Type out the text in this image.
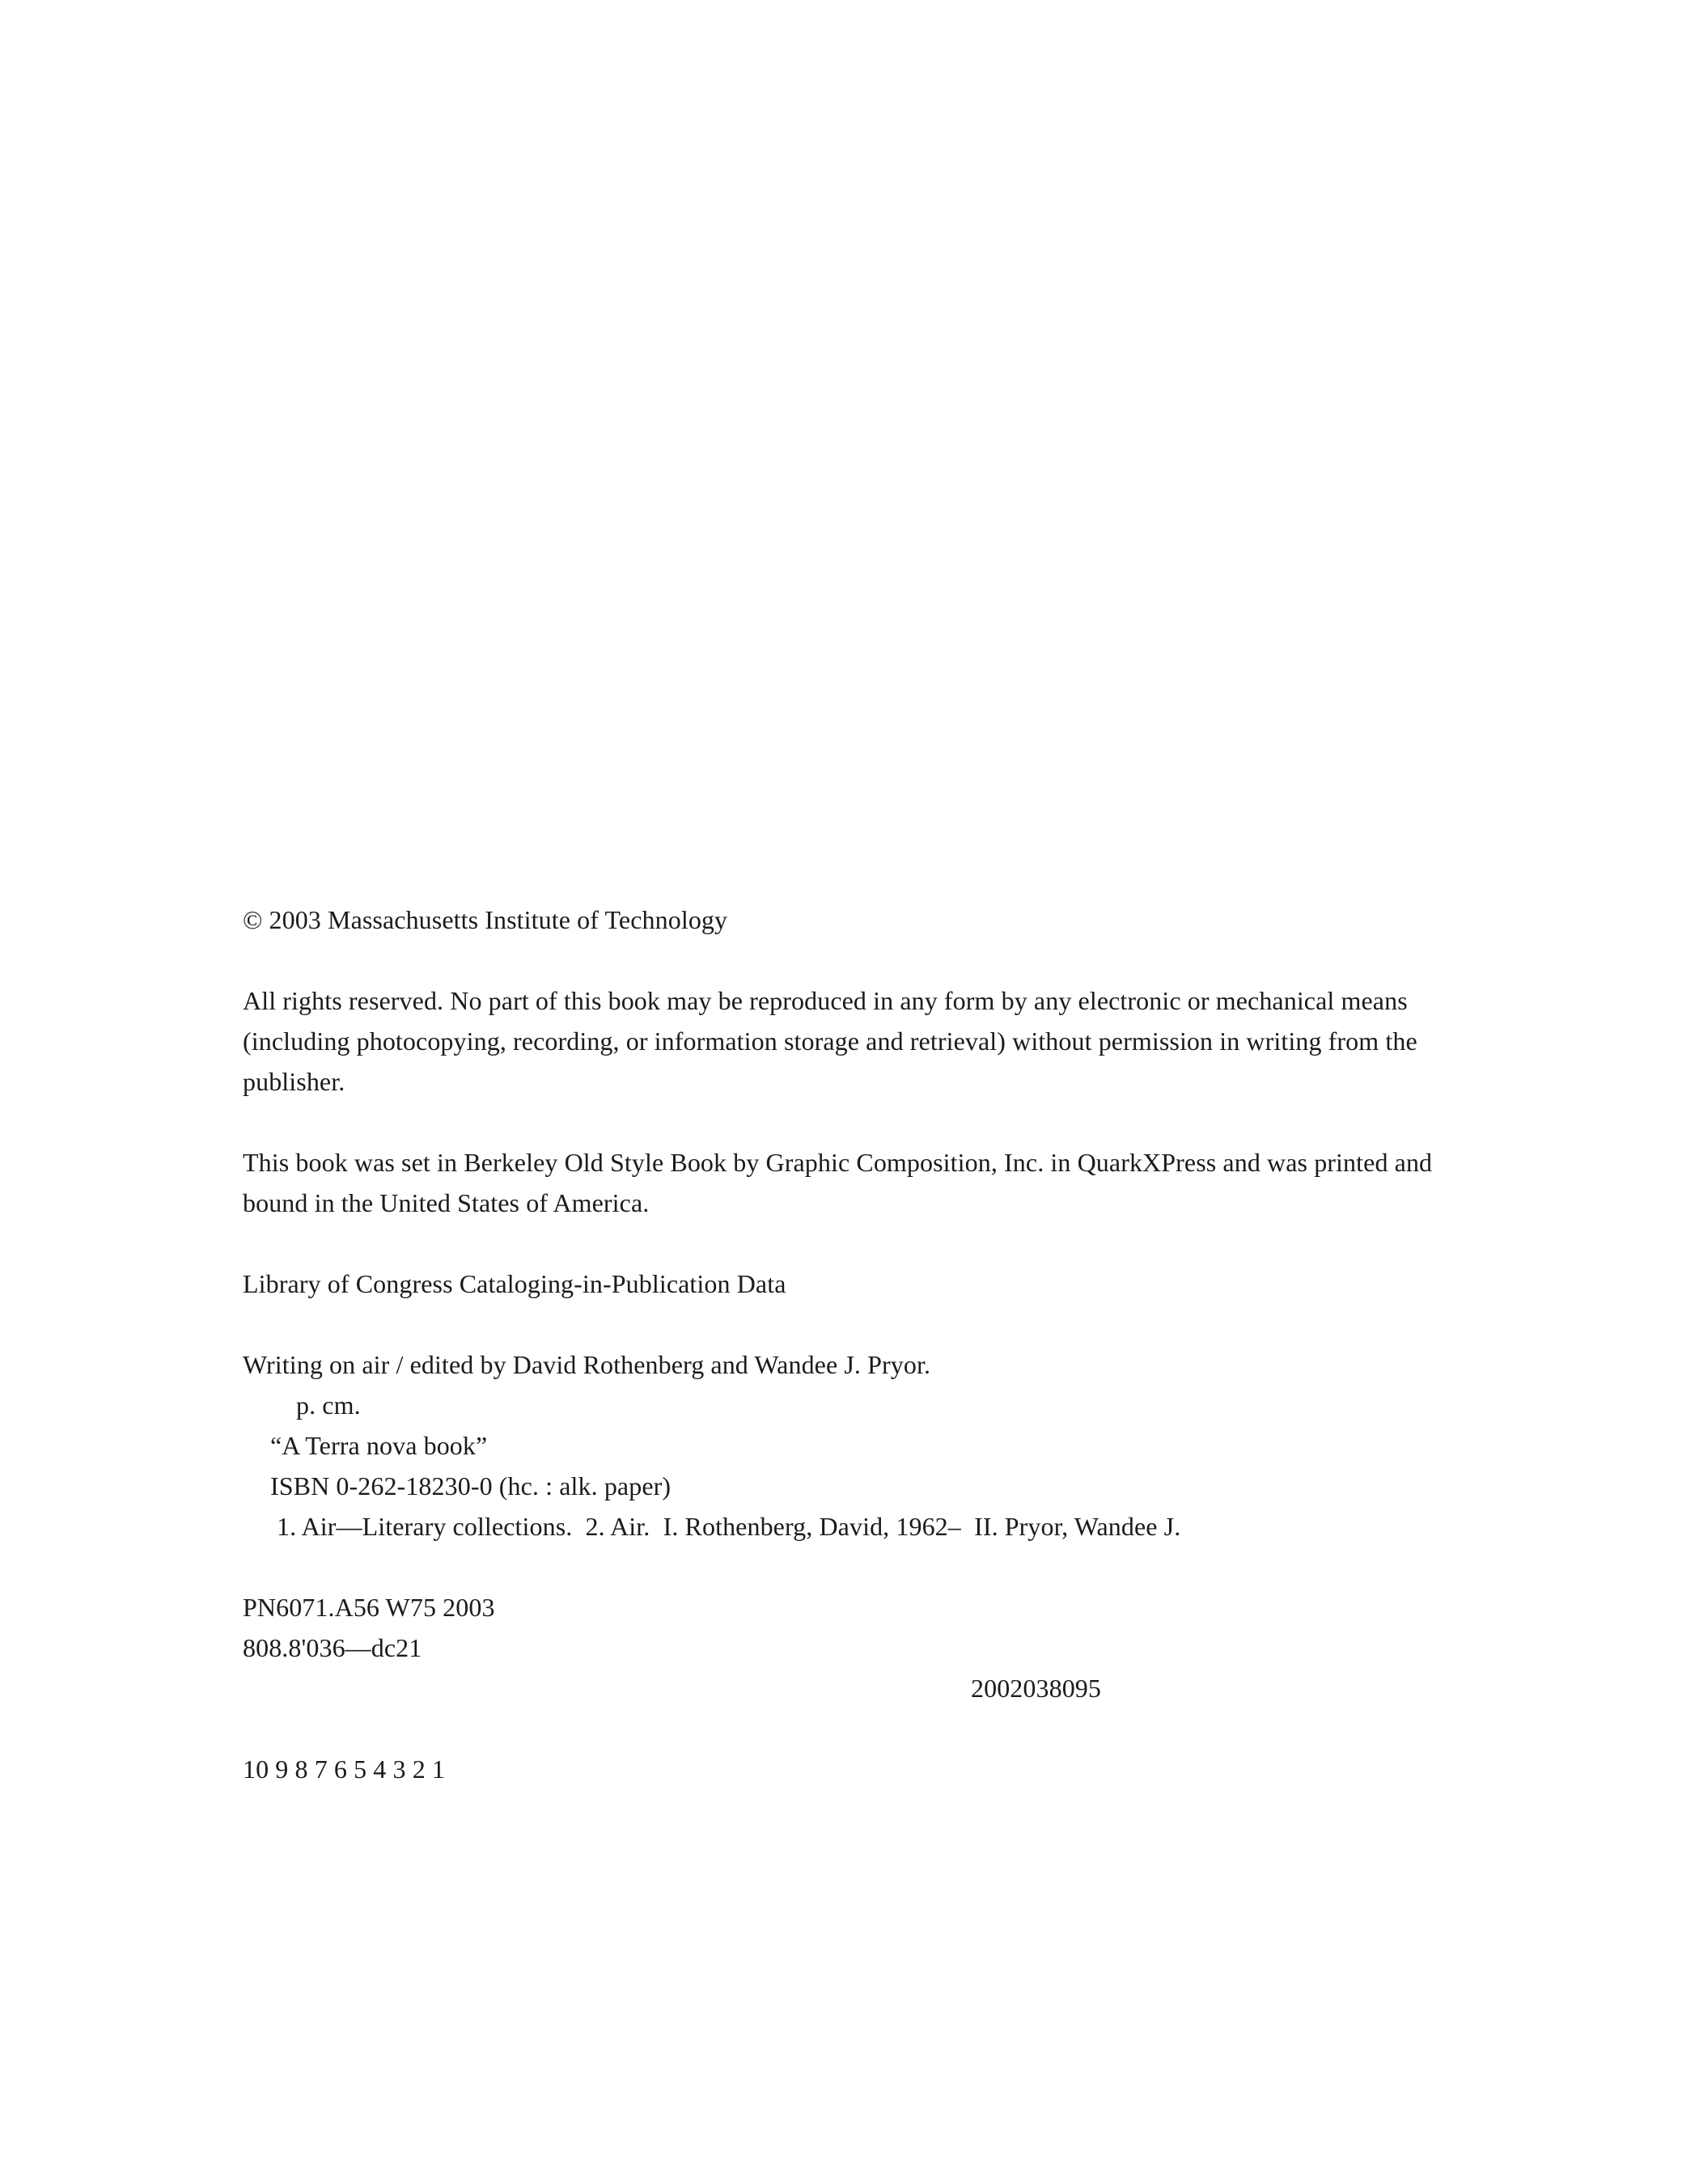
© 2003 Massachusetts Institute of Technology
All rights reserved. No part of this book may be reproduced in any form by any electronic or mechanical means
(including photocopying, recording, or information storage and retrieval) without permission in writing from the
publisher.
This book was set in Berkeley Old Style Book by Graphic Composition, Inc. in QuarkXPress and was printed and
bound in the United States of America.
Library of Congress Cataloging-in-Publication Data
Writing on air / edited by David Rothenberg and Wandee J. Pryor.
p. cm.
“A Terra nova book”
ISBN 0-262-18230-0 (hc. : alk. paper)
1. Air—Literary collections.  2. Air.  I. Rothenberg, David, 1962–  II. Pryor, Wandee J.
PN6071.A56 W75 2003
808.8'036—dc21
2002038095
10 9 8 7 6 5 4 3 2 1
